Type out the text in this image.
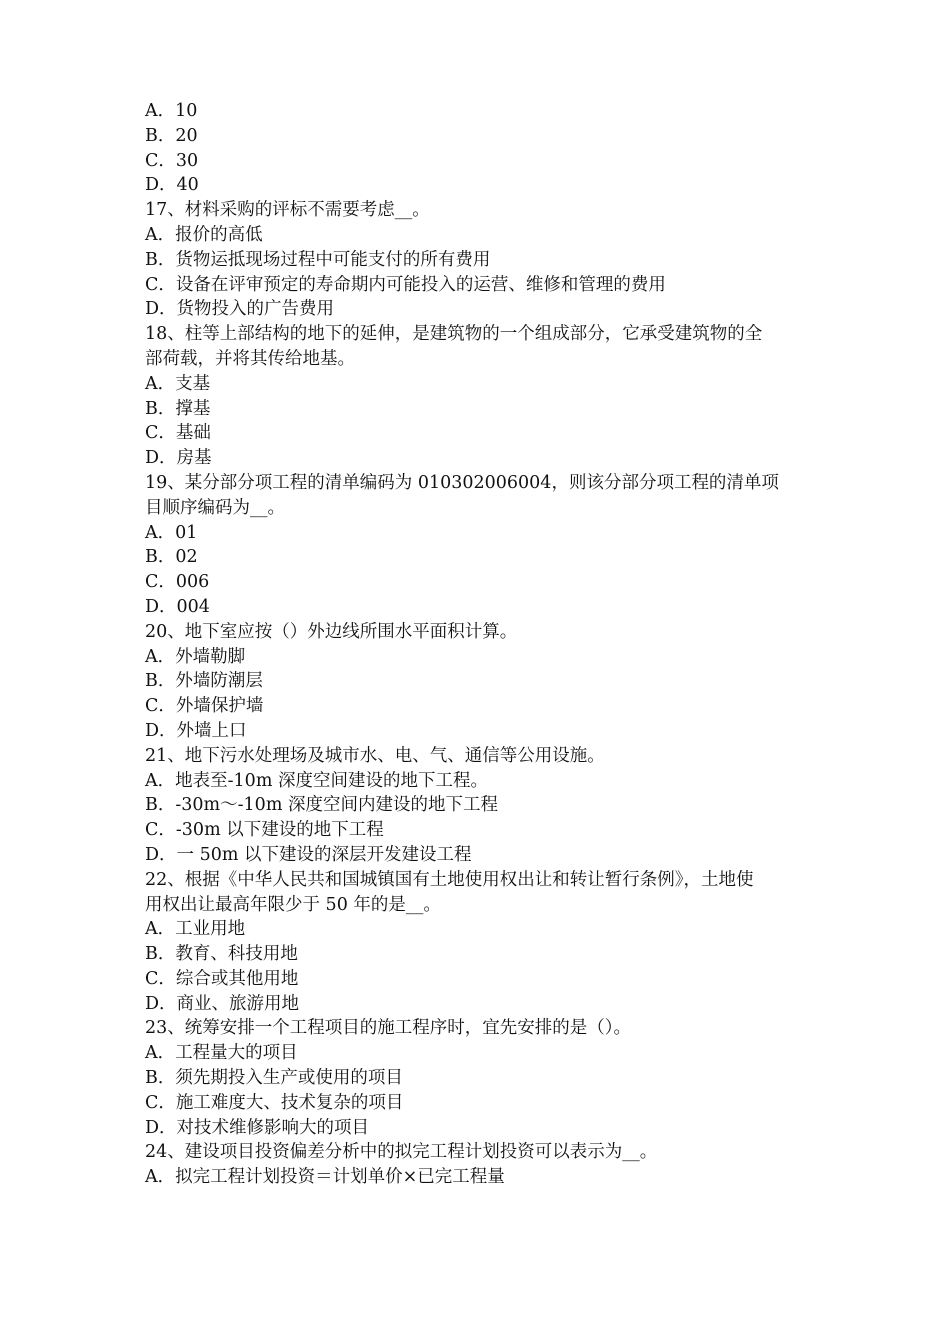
A．10
B．20
C．30
D．40
17、材料采购的评标不需要考虑__。
A．报价的高低
B．货物运抵现场过程中可能支付的所有费用
C．设备在评审预定的寿命期内可能投入的运营、维修和管理的费用
D．货物投入的广告费用
18、柱等上部结构的地下的延伸，是建筑物的一个组成部分，它承受建筑物的全
部荷载，并将其传给地基。
A．支基
B．撑基
C．基础
D．房基
19、某分部分项工程的清单编码为 010302006004，则该分部分项工程的清单项
目顺序编码为__。
A．01
B．02
C．006
D．004
20、地下室应按（）外边线所围水平面积计算。
A．外墙勒脚
B．外墙防潮层
C．外墙保护墙
D．外墙上口
21、地下污水处理场及城市水、电、气、通信等公用设施。
A．地表至-10m 深度空间建设的地下工程。
B．-30m～-10m 深度空间内建设的地下工程
C．-30m 以下建设的地下工程
D．一 50m 以下建设的深层开发建设工程
22、根据《中华人民共和国城镇国有土地使用权出让和转让暂行条例》，土地使
用权出让最高年限少于 50 年的是__。
A．工业用地
B．教育、科技用地
C．综合或其他用地
D．商业、旅游用地
23、统筹安排一个工程项目的施工程序时，宜先安排的是（）。
A．工程量大的项目
B．须先期投入生产或使用的项目
C．施工难度大、技术复杂的项目
D．对技术维修影响大的项目
24、建设项目投资偏差分析中的拟完工程计划投资可以表示为__。
A．拟完工程计划投资＝计划单价×已完工程量
